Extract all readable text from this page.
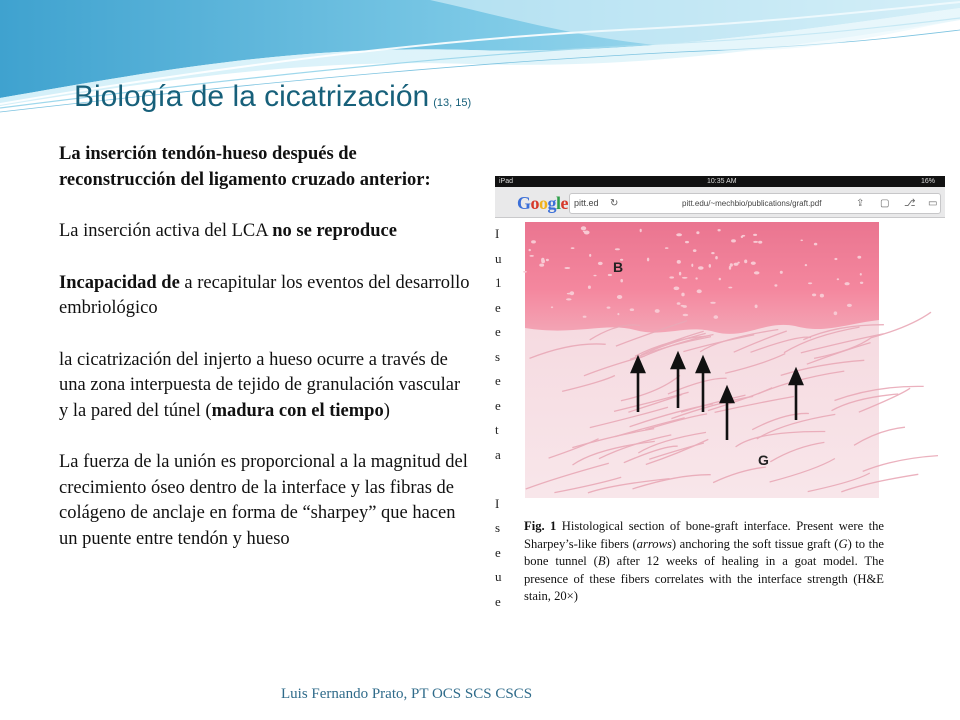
Biología de la cicatrización (13, 15)

La inserción tendón-hueso después de reconstrucción del ligamento cruzado anterior:

La inserción activa del LCA no se reproduce

Incapacidad de a recapitular los eventos del desarrollo embriológico

la cicatrización del injerto a hueso ocurre a través de una zona interpuesta de tejido de granulación vascular y la pared del túnel (madura con el tiempo)

La fuerza de la unión es proporcional a la magnitud del crecimiento óseo dentro de la interface y las fibras de colágeno de anclaje en forma de “sharpey” que hacen un puente entre tendón y hueso

iPad	10:35 AM	16%
Google pitt.ed ↻	pitt.edu/~mechbio/publications/graft.pdf	⇪ ▢ ⎇ ▭
I
u
1
e
e
s
e
e
t
a

I
s
e
u
e
B
G
Fig. 1 Histological section of bone-graft interface. Present were the Sharpey’s-like fibers (arrows) anchoring the soft tissue graft (G) to the bone tunnel (B) after 12 weeks of healing in a goat model. The presence of these fibers correlates with the interface strength (H&E stain, 20×)
Luis Fernando Prato, PT OCS SCS CSCS
